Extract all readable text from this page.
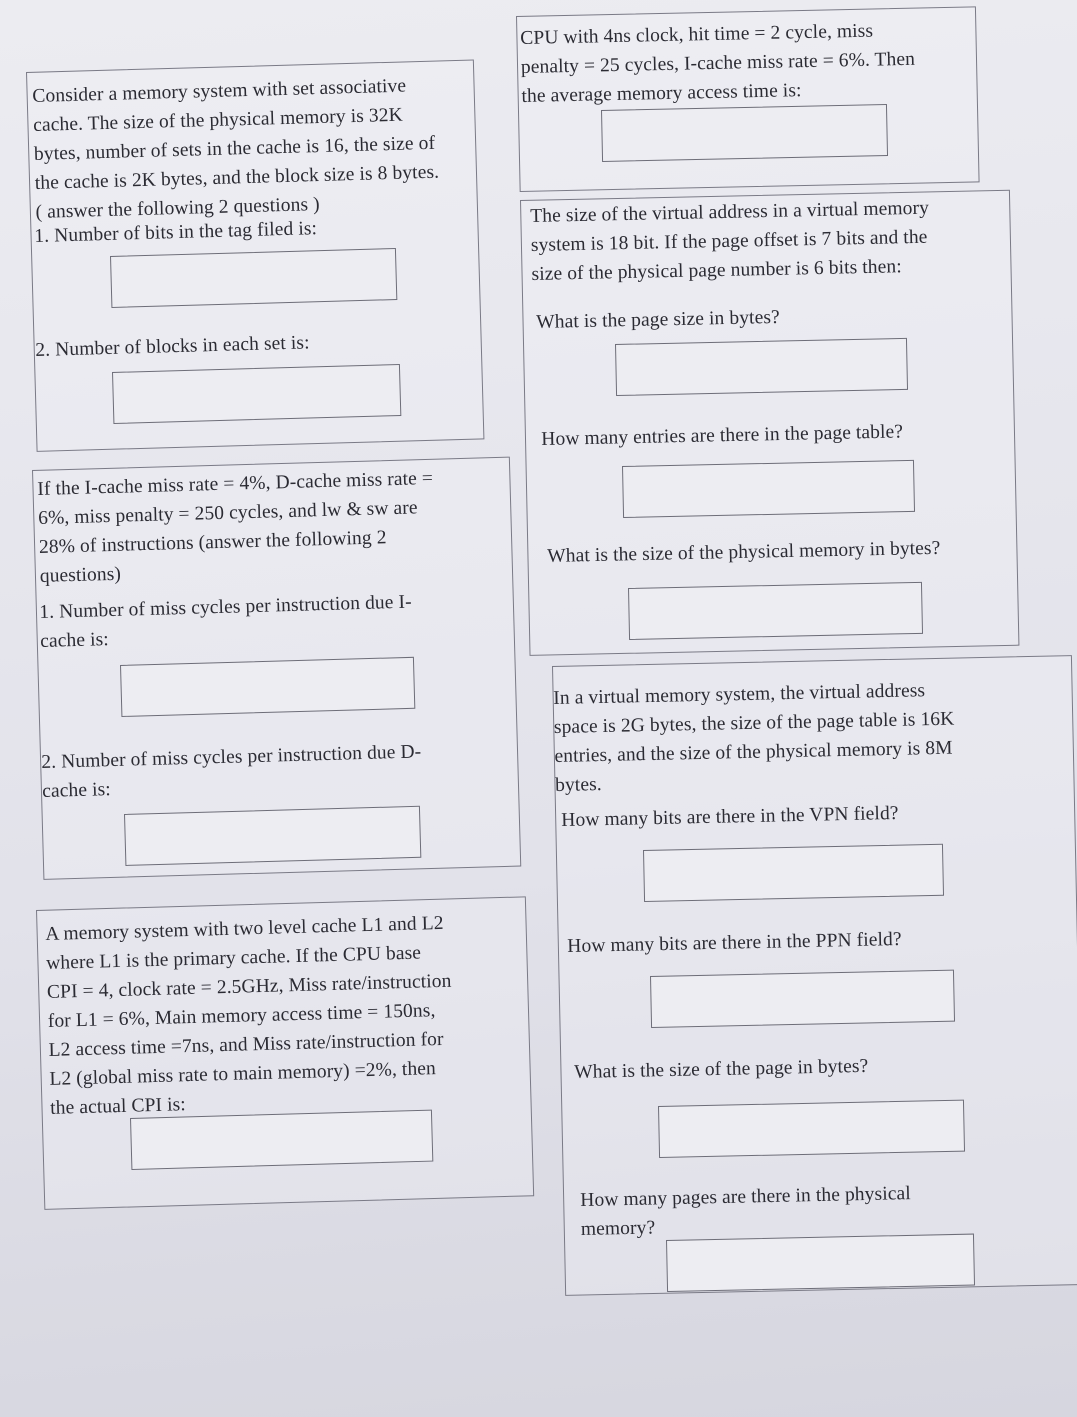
Consider a memory system with set associative
cache. The size of the physical memory is 32K
bytes, number of sets in the cache is 16, the size of
the cache is 2K bytes, and the block size is 8 bytes.
( answer the following 2 questions )
1. Number of bits in the tag filed is:
2. Number of blocks in each set is:
If the I-cache miss rate = 4%, D-cache miss rate =
6%, miss penalty = 250 cycles, and lw & sw are
28% of instructions (answer the following 2
questions)
1. Number of miss cycles per instruction due I-
cache is:
2. Number of miss cycles per instruction due D-
cache is:
A memory system with two level cache L1 and L2
where L1 is the primary cache. If the CPU base
CPI = 4, clock rate = 2.5GHz, Miss rate/instruction
for L1 = 6%, Main memory access time = 150ns,
L2 access time =7ns, and Miss rate/instruction for
L2 (global miss rate to main memory) =2%, then
the actual CPI is:
CPU with 4ns clock, hit time = 2 cycle, miss
penalty = 25 cycles, I-cache miss rate = 6%. Then
the average memory access time is:
The size of the virtual address in a virtual memory
system is 18 bit. If the page offset is 7 bits and the
size of the physical page number is 6 bits then:
What is the page size in bytes?
How many entries are there in the page table?
What is the size of the physical memory in bytes?
In a virtual memory system, the virtual address
space is 2G bytes, the size of the page table is 16K
entries, and the size of the physical memory is 8M
bytes.
How many bits are there in the VPN field?
How many bits are there in the PPN field?
What is the size of the page in bytes?
How many pages are there in the physical
memory?
